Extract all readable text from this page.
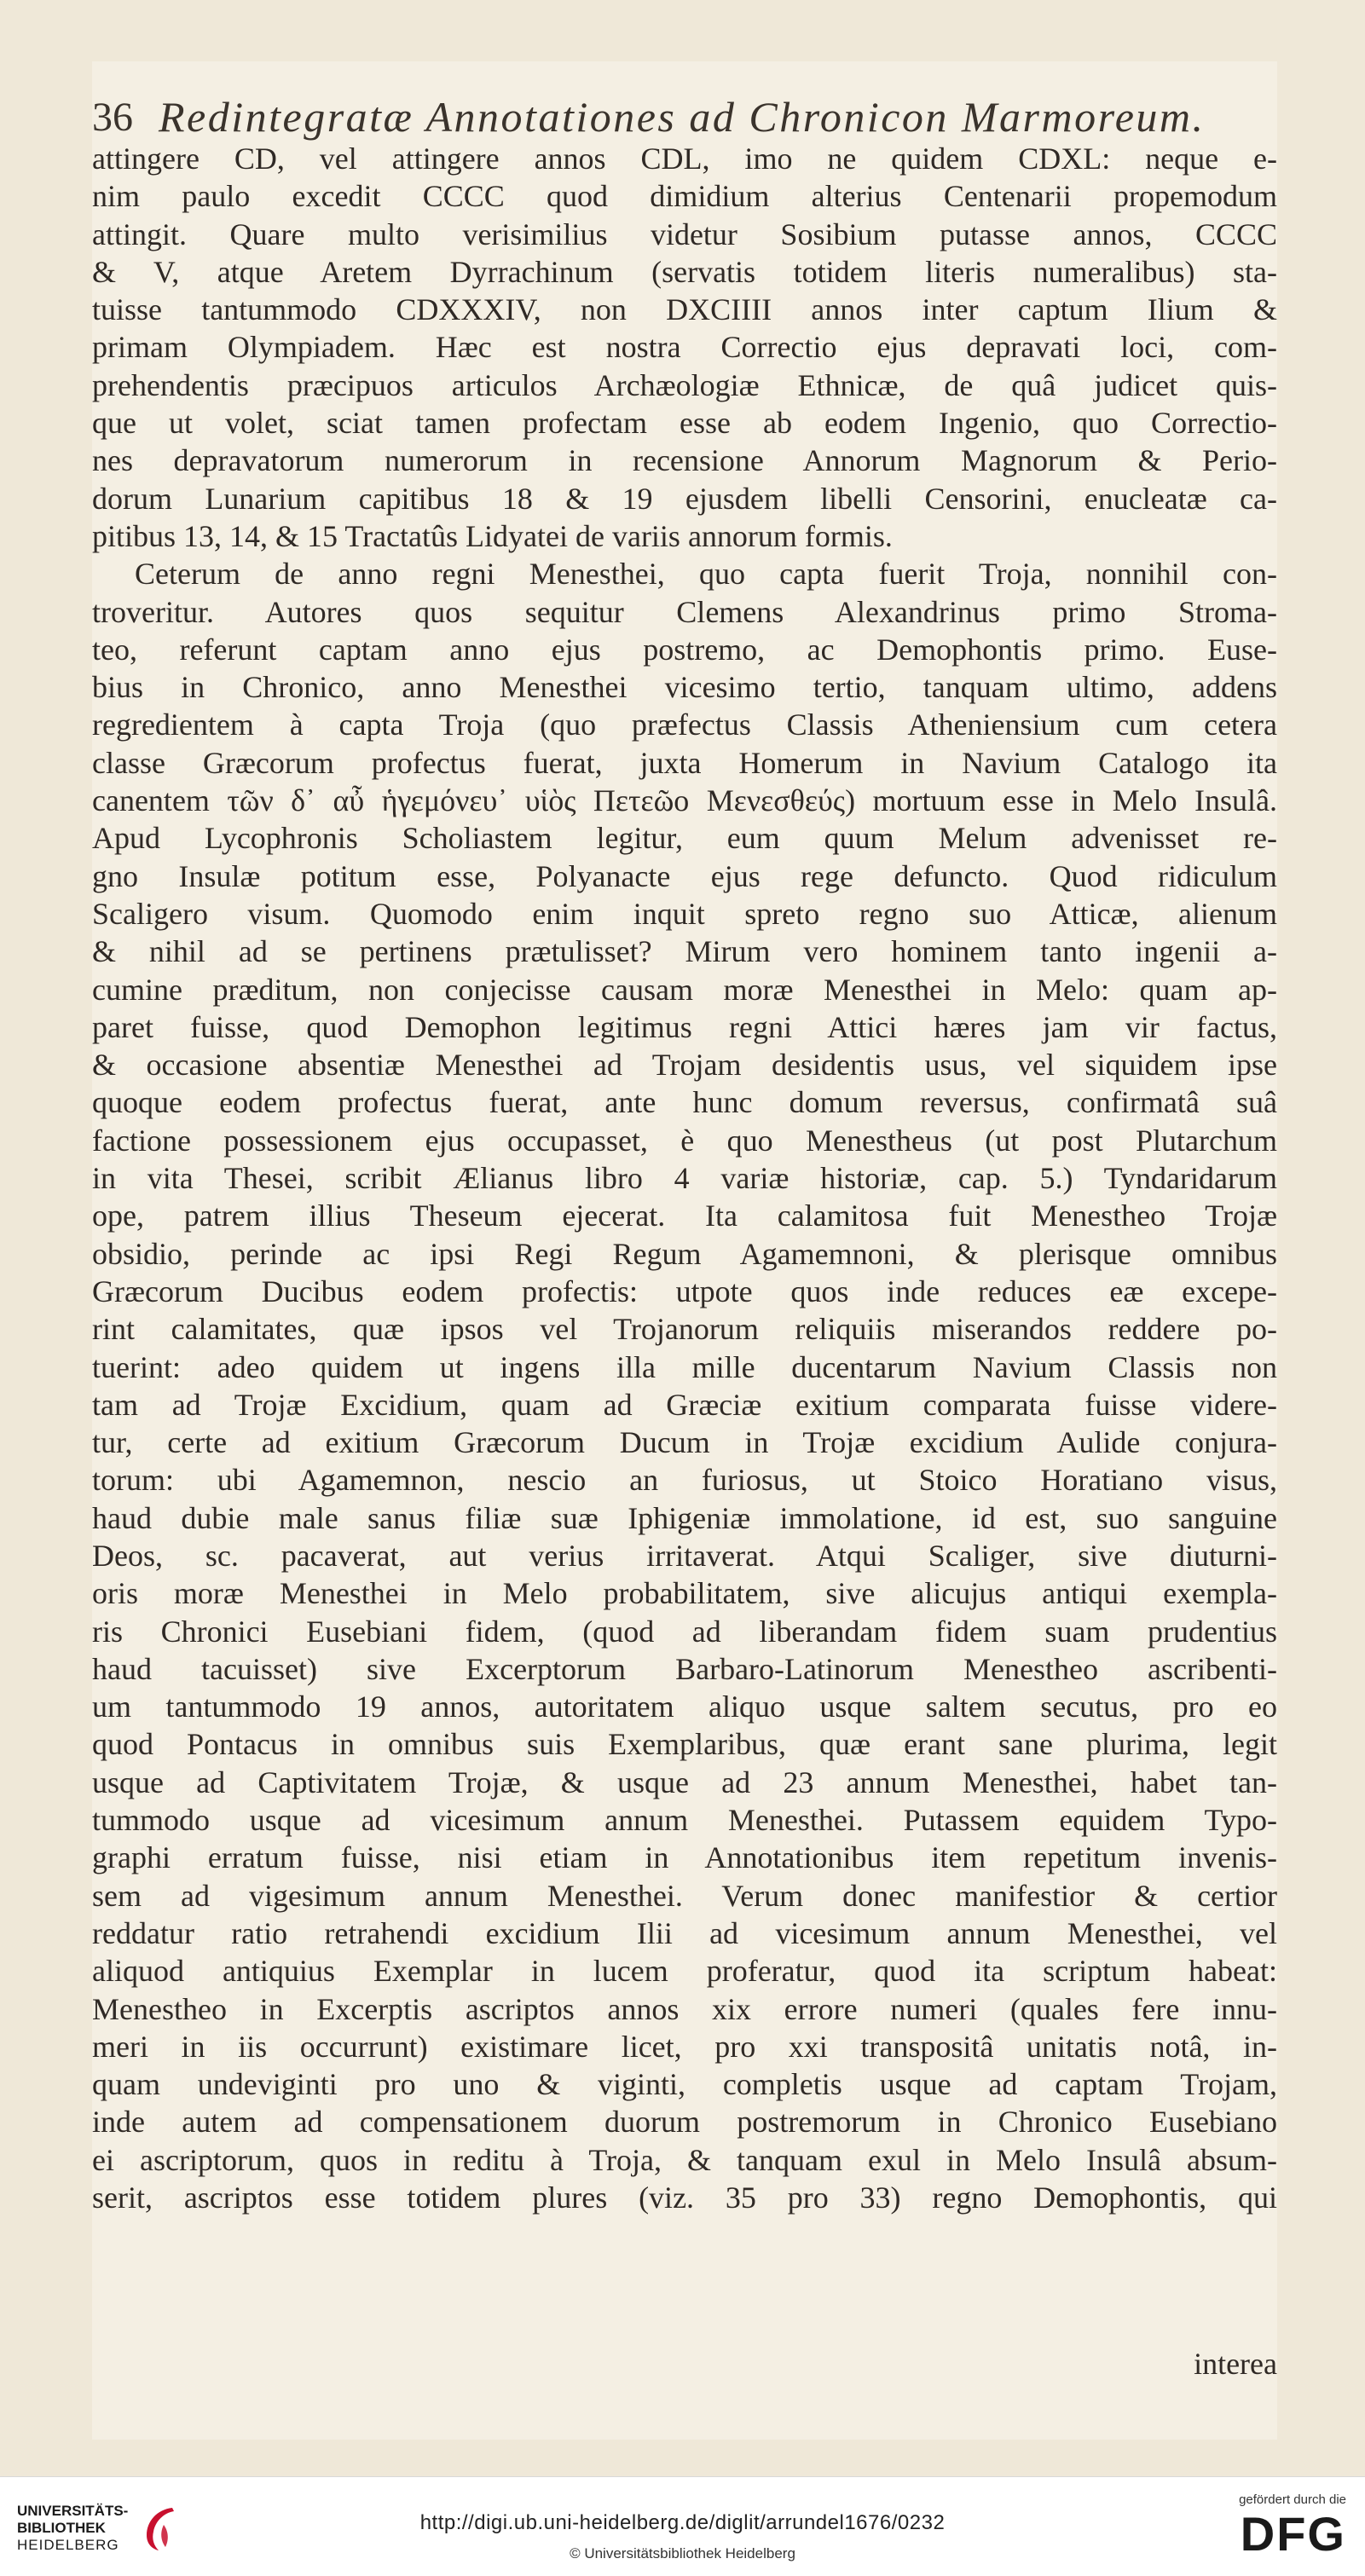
36 Redintegratæ Annotationes ad Chronicon Marmoreum.
attingere CD, vel attingere annos CDL, imo ne quidem CDXL: neque e-
nim paulo excedit CCCC quod dimidium alterius Centenarii propemodum
attingit. Quare multo verisimilius videtur Sosibium putasse annos, CCCC
& V, atque Aretem Dyrrachinum (servatis totidem literis numeralibus) sta-
tuisse tantummodo CDXXXIV, non DXCIIII annos inter captum Ilium &
primam Olympiadem. Hæc est nostra Correctio ejus depravati loci, com-
prehendentis præcipuos articulos Archæologiæ Ethnicæ, de quâ judicet quis-
que ut volet, sciat tamen profectam esse ab eodem Ingenio, quo Correctio-
nes depravatorum numerorum in recensione Annorum Magnorum & Perio-
dorum Lunarium capitibus 18 & 19 ejusdem libelli Censorini, enucleatæ ca-
pitibus 13, 14, & 15 Tractatûs Lidyatei de variis annorum formis.
Ceterum de anno regni Menesthei, quo capta fuerit Troja, nonnihil con-
troveritur. Autores quos sequitur Clemens Alexandrinus primo Stroma-
teo, referunt captam anno ejus postremo, ac Demophontis primo. Euse-
bius in Chronico, anno Menesthei vicesimo tertio, tanquam ultimo, addens
regredientem à capta Troja (quo præfectus Classis Atheniensium cum cetera
classe Græcorum profectus fuerat, juxta Homerum in Navium Catalogo ita
canentem τῶν δ᾽ αὖ ἡγεμόνευ᾽ υἱὸς Πετεῶο Μενεσθεύς) mortuum esse in Melo Insulâ.
Apud Lycophronis Scholiastem legitur, eum quum Melum advenisset re-
gno Insulæ potitum esse, Polyanacte ejus rege defuncto. Quod ridiculum
Scaligero visum. Quomodo enim inquit spreto regno suo Atticæ, alienum
& nihil ad se pertinens prætulisset? Mirum vero hominem tanto ingenii a-
cumine præditum, non conjecisse causam moræ Menesthei in Melo: quam ap-
paret fuisse, quod Demophon legitimus regni Attici hæres jam vir factus,
& occasione absentiæ Menesthei ad Trojam desidentis usus, vel siquidem ipse
quoque eodem profectus fuerat, ante hunc domum reversus, confirmatâ suâ
factione possessionem ejus occupasset, è quo Menestheus (ut post Plutarchum
in vita Thesei, scribit Ælianus libro 4 variæ historiæ, cap. 5.) Tyndaridarum
ope, patrem illius Theseum ejecerat. Ita calamitosa fuit Menestheo Trojæ
obsidio, perinde ac ipsi Regi Regum Agamemnoni, & plerisque omnibus
Græcorum Ducibus eodem profectis: utpote quos inde reduces eæ excepe-
rint calamitates, quæ ipsos vel Trojanorum reliquiis miserandos reddere po-
tuerint: adeo quidem ut ingens illa mille ducentarum Navium Classis non
tam ad Trojæ Excidium, quam ad Græciæ exitium comparata fuisse videre-
tur, certe ad exitium Græcorum Ducum in Trojæ excidium Aulide conjura-
torum: ubi Agamemnon, nescio an furiosus, ut Stoico Horatiano visus,
haud dubie male sanus filiæ suæ Iphigeniæ immolatione, id est, suo sanguine
Deos, sc. pacaverat, aut verius irritaverat. Atqui Scaliger, sive diuturni-
oris moræ Menesthei in Melo probabilitatem, sive alicujus antiqui exempla-
ris Chronici Eusebiani fidem, (quod ad liberandam fidem suam prudentius
haud tacuisset) sive Excerptorum Barbaro-Latinorum Menestheo ascribenti-
um tantummodo 19 annos, autoritatem aliquo usque saltem secutus, pro eo
quod Pontacus in omnibus suis Exemplaribus, quæ erant sane plurima, legit
usque ad Captivitatem Trojæ, & usque ad 23 annum Menesthei, habet tan-
tummodo usque ad vicesimum annum Menesthei. Putassem equidem Typo-
graphi erratum fuisse, nisi etiam in Annotationibus item repetitum invenis-
sem ad vigesimum annum Menesthei. Verum donec manifestior & certior
reddatur ratio retrahendi excidium Ilii ad vicesimum annum Menesthei, vel
aliquod antiquius Exemplar in lucem proferatur, quod ita scriptum habeat:
Menestheo in Excerptis ascriptos annos xix errore numeri (quales fere innu-
meri in iis occurrunt) existimare licet, pro xxi transpositâ unitatis notâ, in-
quam undeviginti pro uno & viginti, completis usque ad captam Trojam,
inde autem ad compensationem duorum postremorum in Chronico Eusebiano
ei ascriptorum, quos in reditu à Troja, & tanquam exul in Melo Insulâ absum-
serit, ascriptos esse totidem plures (viz. 35 pro 33) regno Demophontis, qui
interea
UNIVERSITÄTS-
BIBLIOTHEK
HEIDELBERG
http://digi.ub.uni-heidelberg.de/diglit/arrundel1676/0232
© Universitätsbibliothek Heidelberg
gefördert durch die
DFG
